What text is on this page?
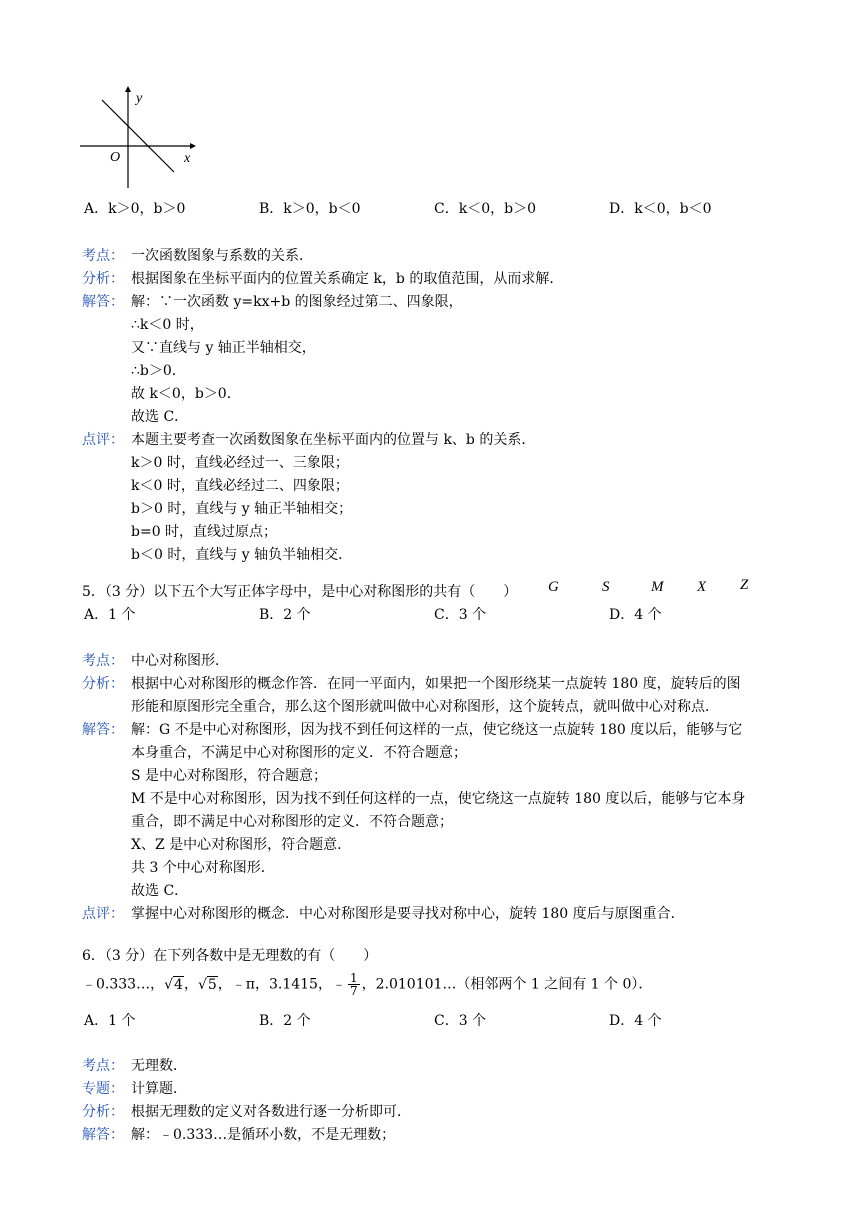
y
x
O
A．k＞0，b＞0	B．k＞0，b＜0	C．k＜0，b＞0	D．k＜0，b＜0
考点： 一次函数图象与系数的关系．
分析： 根据图象在坐标平面内的位置关系确定 k，b 的取值范围，从而求解．
解答： 解：∵一次函数 y=kx+b 的图象经过第二、四象限，
∴k＜0 时，
又∵直线与 y 轴正半轴相交，
∴b＞0．
故 k＜0，b＞0．
故选 C．
点评： 本题主要考查一次函数图象在坐标平面内的位置与 k、b 的关系．
k＞0 时，直线必经过一、三象限；
k＜0 时，直线必经过二、四象限；
b＞0 时，直线与 y 轴正半轴相交；
b=0 时，直线过原点；
b＜0 时，直线与 y 轴负半轴相交．
5．（3 分）以下五个大写正体字母中，是中心对称图形的共有（　　） G	S	M X Z
A．1 个	B．2 个	C．3 个	D．4 个
考点： 中心对称图形．
分析： 根据中心对称图形的概念作答．在同一平面内，如果把一个图形绕某一点旋转 180 度，旋转后的图
形能和原图形完全重合，那么这个图形就叫做中心对称图形，这个旋转点，就叫做中心对称点．
解答： 解：G 不是中心对称图形，因为找不到任何这样的一点，使它绕这一点旋转 180 度以后，能够与它
本身重合，不满足中心对称图形的定义．不符合题意；
S 是中心对称图形，符合题意；
M 不是中心对称图形，因为找不到任何这样的一点，使它绕这一点旋转 180 度以后，能够与它本身
重合，即不满足中心对称图形的定义．不符合题意；
X、Z 是中心对称图形，符合题意．
共 3 个中心对称图形．
故选 C．
点评： 掌握中心对称图形的概念．中心对称图形是要寻找对称中心，旋转 180 度后与原图重合．
6．（3 分）在下列各数中是无理数的有（　　）
﹣0.333…，√4，√5，﹣π，3.1415，﹣ $\frac{1}{7}$ ，2.010101…（相邻两个 1 之间有 1 个 0）．
A．1 个	B．2 个	C．3 个	D．4 个
考点： 无理数．
专题： 计算题．
分析： 根据无理数的定义对各数进行逐一分析即可．
解答： 解：﹣0.333…是循环小数，不是无理数；
